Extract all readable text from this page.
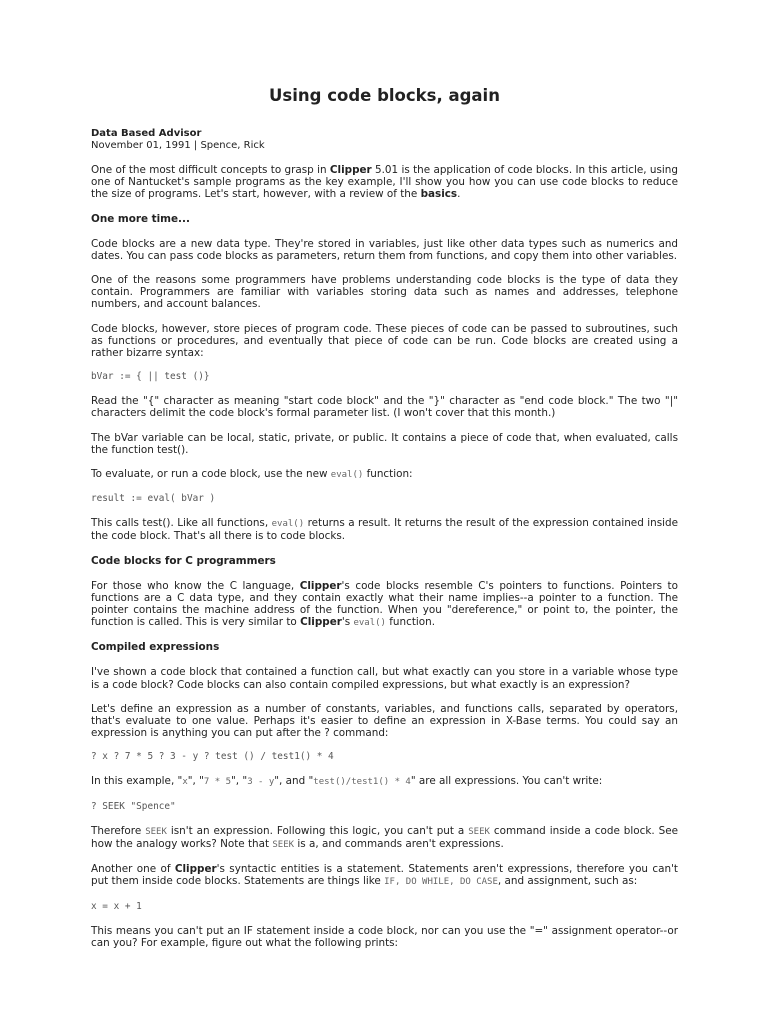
Using code blocks, again
Data Based Advisor
November 01, 1991 | Spence, Rick

One of the most difficult concepts to grasp in Clipper 5.01 is the application of code blocks. In this article, using one of Nantucket's sample programs as the key example, I'll show you how you can use code blocks to reduce the size of programs. Let's start, however, with a review of the basics.

One more time...

Code blocks are a new data type. They're stored in variables, just like other data types such as numerics and dates. You can pass code blocks as parameters, return them from functions, and copy them into other variables.

One of the reasons some programmers have problems understanding code blocks is the type of data they contain. Programmers are familiar with variables storing data such as names and addresses, telephone numbers, and account balances.

Code blocks, however, store pieces of program code. These pieces of code can be passed to subroutines, such as functions or procedures, and eventually that piece of code can be run. Code blocks are created using a rather bizarre syntax:

bVar := { || test ()}

Read the "{" character as meaning "start code block" and the "}" character as "end code block." The two "|" characters delimit the code block's formal parameter list. (I won't cover that this month.)

The bVar variable can be local, static, private, or public. It contains a piece of code that, when evaluated, calls the function test().

To evaluate, or run a code block, use the new eval() function:

result := eval( bVar )

This calls test(). Like all functions, eval() returns a result. It returns the result of the expression contained inside the code block. That's all there is to code blocks.

Code blocks for C programmers

For those who know the C language, Clipper's code blocks resemble C's pointers to functions. Pointers to functions are a C data type, and they contain exactly what their name implies--a pointer to a function. The pointer contains the machine address of the function. When you "dereference," or point to, the pointer, the function is called. This is very similar to Clipper's eval() function.

Compiled expressions

I've shown a code block that contained a function call, but what exactly can you store in a variable whose type is a code block? Code blocks can also contain compiled expressions, but what exactly is an expression?

Let's define an expression as a number of constants, variables, and functions calls, separated by operators, that's evaluate to one value. Perhaps it's easier to define an expression in X-Base terms. You could say an expression is anything you can put after the ? command:

? x ? 7 * 5 ? 3 - y ? test () / test1() * 4

In this example, "x", "7 * 5", "3 - y", and "test()/test1() * 4" are all expressions. You can't write:

? SEEK "Spence"

Therefore SEEK isn't an expression. Following this logic, you can't put a SEEK command inside a code block. See how the analogy works? Note that SEEK is a, and commands aren't expressions.

Another one of Clipper's syntactic entities is a statement. Statements aren't expressions, therefore you can't put them inside code blocks. Statements are things like IF, DO WHILE, DO CASE, and assignment, such as:

x = x + 1

This means you can't put an IF statement inside a code block, nor can you use the "=" assignment operator--or can you? For example, figure out what the following prints:
